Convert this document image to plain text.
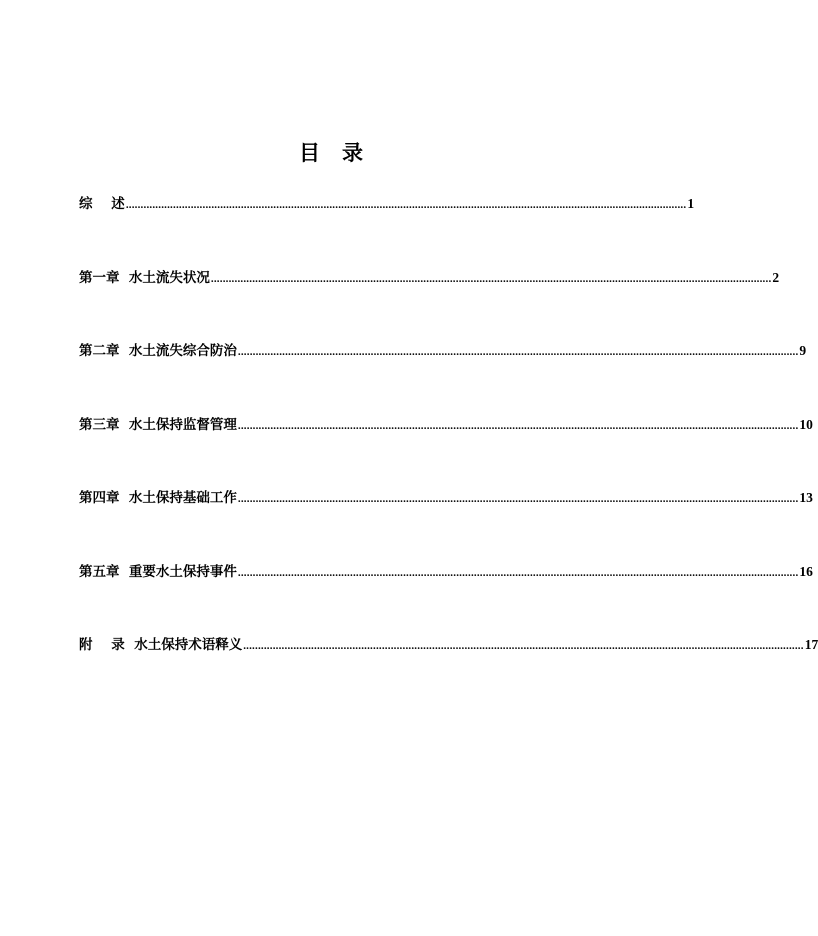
目 录
综    述 .............................................................................................................................................................................................. 1
第一章  水土流失状况 .............................................................................................................................................................................................. 2
第二章  水土流失综合防治 .............................................................................................................................................................................................. 9
第三章  水土保持监督管理 .............................................................................................................................................................................................. 10
第四章  水土保持基础工作 .............................................................................................................................................................................................. 13
第五章  重要水土保持事件 .............................................................................................................................................................................................. 16
附    录  水土保持术语释义 .............................................................................................................................................................................................. 17
